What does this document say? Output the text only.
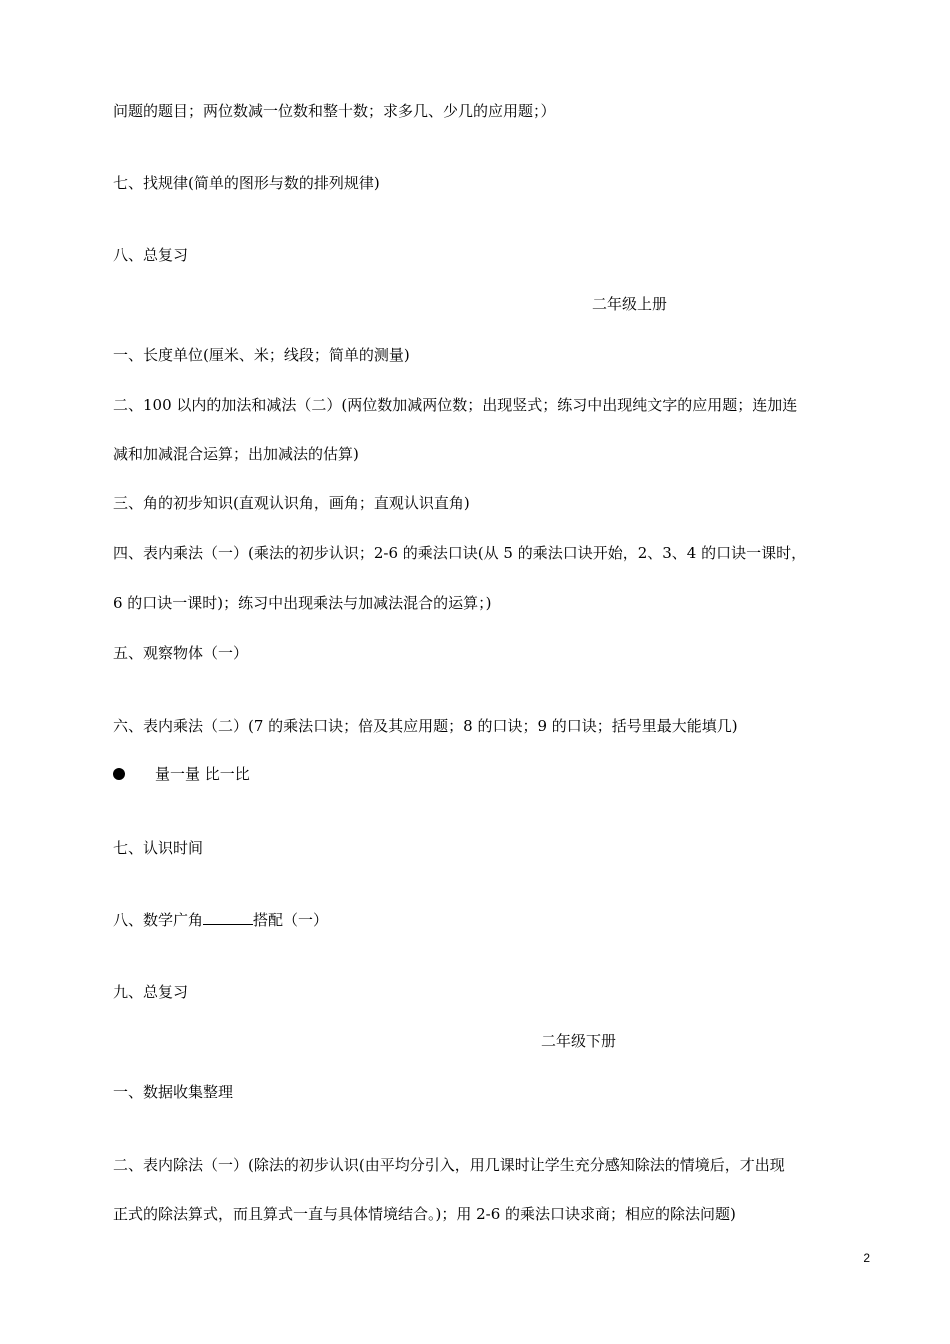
问题的题目；两位数减一位数和整十数；求多几、少几的应用题；）
七、找规律(简单的图形与数的排列规律)
八、总复习
二年级上册
一、长度单位(厘米、米；线段；简单的测量)
二、100 以内的加法和减法（二）(两位数加减两位数；出现竖式；练习中出现纯文字的应用题；连加连
减和加减混合运算；出加减法的估算)
三、角的初步知识(直观认识角，画角；直观认识直角)
四、表内乘法（一）(乘法的初步认识；2-6 的乘法口诀(从 5 的乘法口诀开始，2、3、4 的口诀一课时，
6 的口诀一课时)；练习中出现乘法与加减法混合的运算；)
五、观察物体（一）
六、表内乘法（二）(7 的乘法口诀；倍及其应用题；8 的口诀；9 的口诀；括号里最大能填几)
量一量 比一比
七、认识时间
八、数学广角	搭配（一）
九、总复习
二年级下册
一、数据收集整理
二、表内除法（一）(除法的初步认识(由平均分引入，用几课时让学生充分感知除法的情境后，才出现
正式的除法算式，而且算式一直与具体情境结合。)；用 2-6 的乘法口诀求商；相应的除法问题)
2
